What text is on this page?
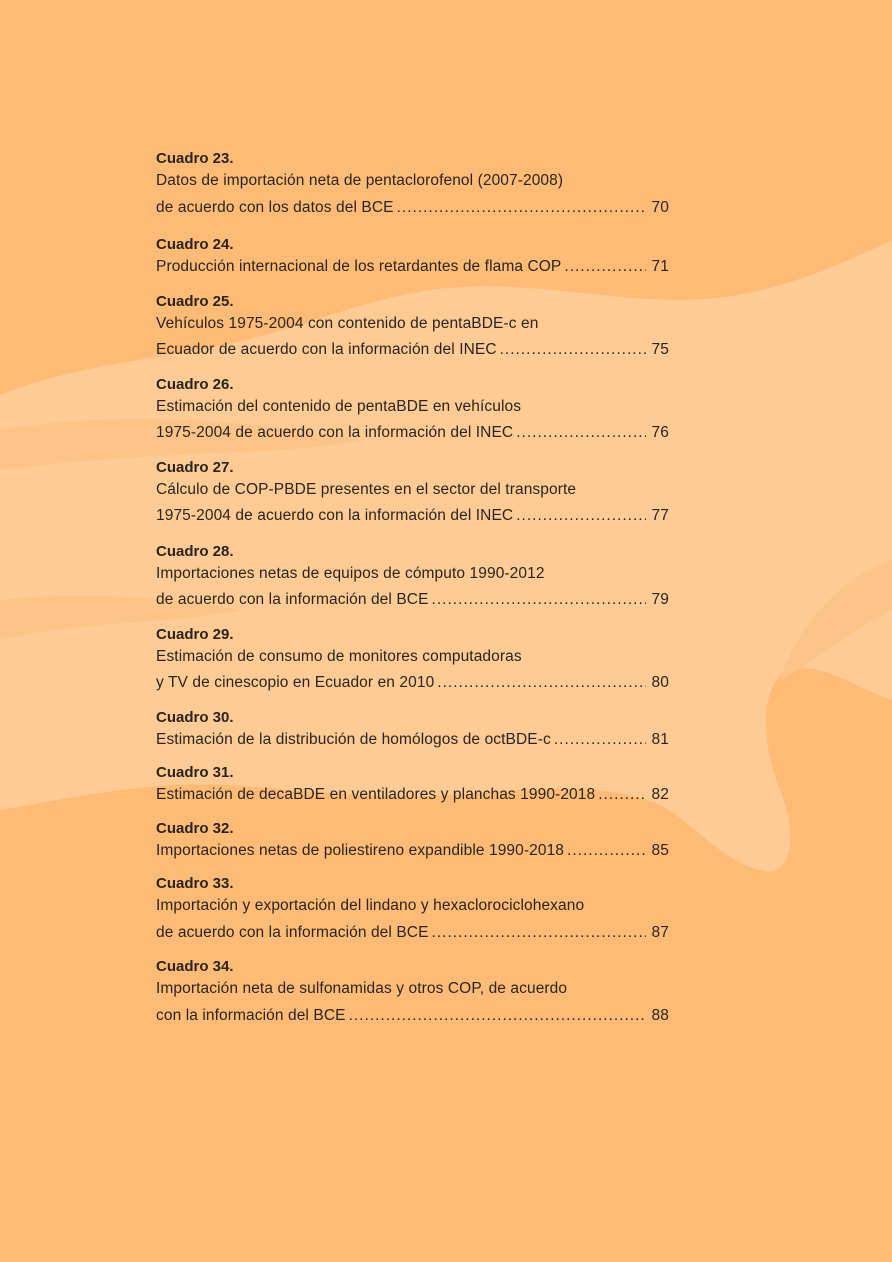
Cuadro 23.
Datos de importación neta de pentaclorofenol (2007-2008)
de acuerdo con los datos del BCE .....	70
Cuadro 24.
Producción internacional de los retardantes de flama COP .....	71
Cuadro 25.
Vehículos 1975-2004 con contenido de pentaBDE-c en
Ecuador de acuerdo con la información del INEC .....	75
Cuadro 26.
Estimación del contenido de pentaBDE en vehículos
1975-2004 de acuerdo con la información del INEC .....	76
Cuadro 27.
Cálculo de COP-PBDE presentes en el sector del transporte
1975-2004 de acuerdo con la información del INEC .....	77
Cuadro 28.
Importaciones netas de equipos de cómputo 1990-2012
de acuerdo con la información del BCE .....	79
Cuadro 29.
Estimación de consumo de monitores computadoras
y TV de cinescopio en Ecuador en 2010 .....	80
Cuadro 30.
Estimación de la distribución de homólogos de octBDE-c .....	81
Cuadro 31.
Estimación de decaBDE en ventiladores y planchas 1990-2018 .....	82
Cuadro 32.
Importaciones netas de poliestireno expandible 1990-2018 .....	85
Cuadro 33.
Importación y exportación del lindano y hexaclorociclohexano
de acuerdo con la información del BCE .....	87
Cuadro 34.
Importación neta de sulfonamidas y otros COP, de acuerdo
con la información del BCE .....	88
